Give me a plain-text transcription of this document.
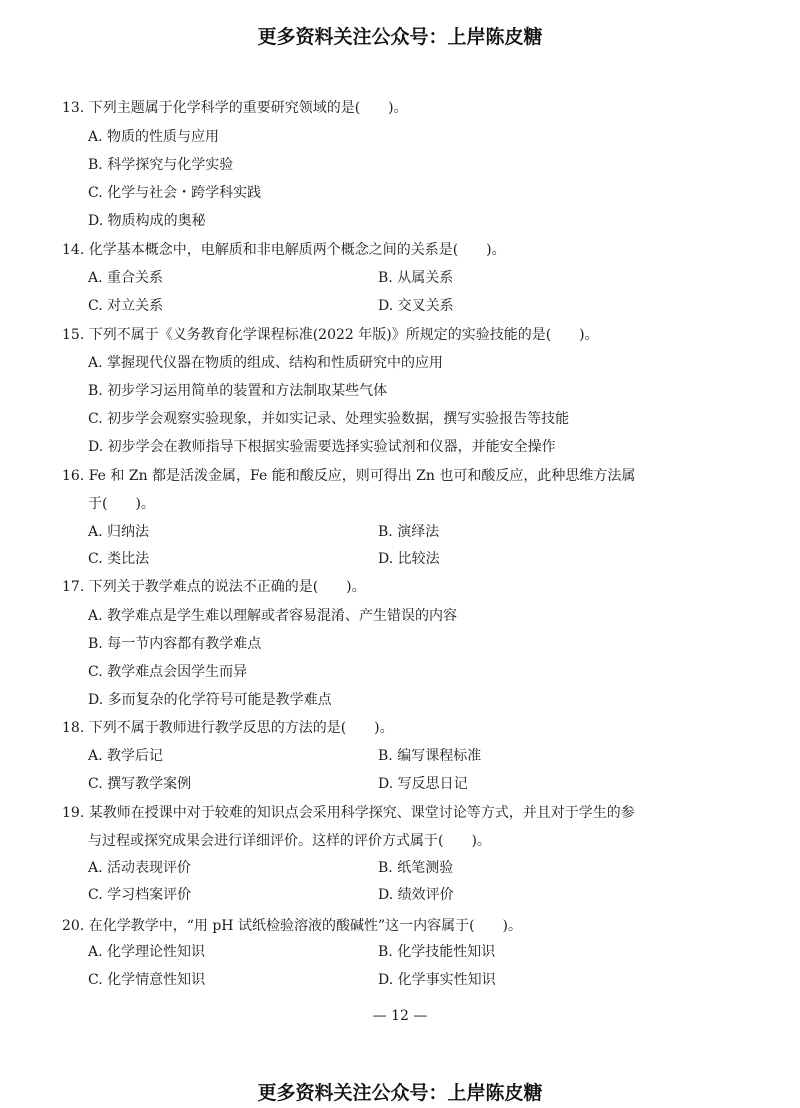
更多资料关注公众号：上岸陈皮糖
13. 下列主题属于化学科学的重要研究领域的是(　　)。
A. 物质的性质与应用
B. 科学探究与化学实验
C. 化学与社会・跨学科实践
D. 物质构成的奥秘
14. 化学基本概念中，电解质和非电解质两个概念之间的关系是(　　)。
A. 重合关系	B. 从属关系
C. 对立关系	D. 交叉关系
15. 下列不属于《义务教育化学课程标准(2022 年版)》所规定的实验技能的是(　　)。
A. 掌握现代仪器在物质的组成、结构和性质研究中的应用
B. 初步学习运用简单的装置和方法制取某些气体
C. 初步学会观察实验现象，并如实记录、处理实验数据，撰写实验报告等技能
D. 初步学会在教师指导下根据实验需要选择实验试剂和仪器，并能安全操作
16. Fe 和 Zn 都是活泼金属，Fe 能和酸反应，则可得出 Zn 也可和酸反应，此种思维方法属
于(　　)。
A. 归纳法	B. 演绎法
C. 类比法	D. 比较法
17. 下列关于教学难点的说法不正确的是(　　)。
A. 教学难点是学生难以理解或者容易混淆、产生错误的内容
B. 每一节内容都有教学难点
C. 教学难点会因学生而异
D. 多而复杂的化学符号可能是教学难点
18. 下列不属于教师进行教学反思的方法的是(　　)。
A. 教学后记	B. 编写课程标准
C. 撰写教学案例	D. 写反思日记
19. 某教师在授课中对于较难的知识点会采用科学探究、课堂讨论等方式，并且对于学生的参
与过程或探究成果会进行详细评价。这样的评价方式属于(　　)。
A. 活动表现评价	B. 纸笔测验
C. 学习档案评价	D. 绩效评价
20. 在化学教学中，“用 pH 试纸检验溶液的酸碱性”这一内容属于(　　)。
A. 化学理论性知识	B. 化学技能性知识
C. 化学情意性知识	D. 化学事实性知识
— 12 —
更多资料关注公众号：上岸陈皮糖
